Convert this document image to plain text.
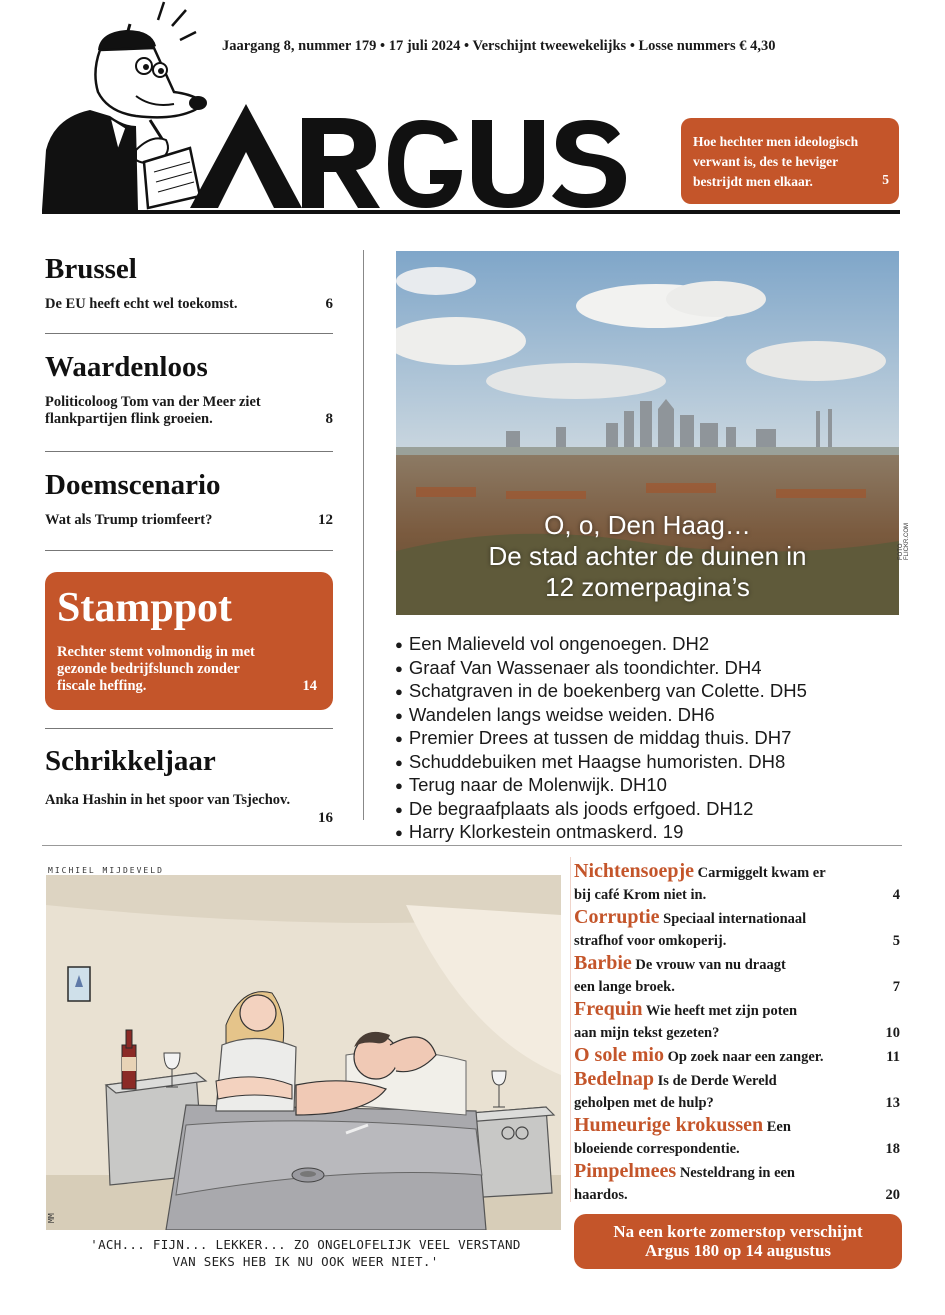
Jaargang 8, nummer 179 • 17 juli 2024 • Verschijnt tweewekelijks • Losse nummers € 4,30
ARGUS
Hoe hechter men ideologisch verwant is, des te heviger bestrijdt men elkaar.	5
Brussel
De EU heeft echt wel toekomst.	6
Waardenloos
Politicoloog Tom van der Meer ziet flankpartijen flink groeien.	8
Doemscenario
Wat als Trump triomfeert?	12
Stamppot
Rechter stemt volmondig in met gezonde bedrijfslunch zonder fiscale heffing.	14
Schrikkeljaar
Anka Hashin in het spoor van Tsjechov.
16
O, o, Den Haag…
De stad achter de duinen in
12 zomerpagina’s
FOTO FLICKR.COM
● Een Malieveld vol ongenoegen. DH2
● Graaf Van Wassenaer als toondichter. DH4
● Schatgraven in de boekenberg van Colette. DH5
● Wandelen langs weidse weiden. DH6
● Premier Drees at tussen de middag thuis. DH7
● Schuddebuiken met Haagse humoristen. DH8
● Terug naar de Molenwijk. DH10
● De begraafplaats als joods erfgoed. DH12
● Harry Klorkestein ontmaskerd. 19
MICHIEL MIJDEVELD
MM
'ACH... FIJN... LEKKER... ZO ONGELOFELIJK VEEL VERSTAND
VAN SEKS HEB IK NU OOK WEER NIET.'
Nichtensoepje Carmiggelt kwam er
bij café Krom niet in.	4
Corruptie Speciaal internationaal
strafhof voor omkoperij.	5
Barbie De vrouw van nu draagt
een lange broek.	7
Frequin Wie heeft met zijn poten
aan mijn tekst gezeten?	10
O sole mio Op zoek naar een zanger.	11
Bedelnap Is de Derde Wereld
geholpen met de hulp?	13
Humeurige krokussen Een
bloeiende correspondentie.	18
Pimpelmees Nesteldrang in een
haardos.	20
Na een korte zomerstop verschijnt
Argus 180 op 14 augustus
